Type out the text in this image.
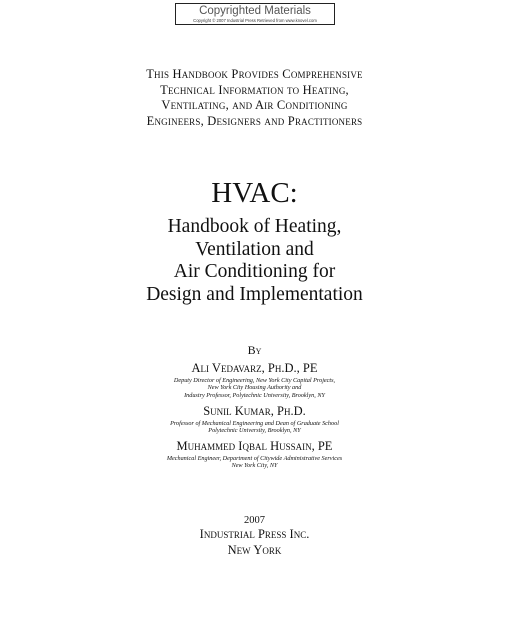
Copyrighted Materials
Copyright © 2007 Industrial Press Retrieved from www.knovel.com
This Handbook Provides Comprehensive
Technical Information to Heating,
Ventilating, and Air Conditioning
Engineers, Designers and Practitioners
HVAC:
Handbook of Heating,
Ventilation and
Air Conditioning for
Design and Implementation
By
Ali Vedavarz, Ph.D., PE
Deputy Director of Engineering, New York City Capital Projects,
New York City Housing Authority and
Industry Professor, Polytechnic University, Brooklyn, NY
Sunil Kumar, Ph.D.
Professor of Mechanical Engineering and Dean of Graduate School
Polytechnic University, Brooklyn, NY
Muhammed Iqbal Hussain, PE
Mechanical Engineer, Department of Citywide Administrative Services
New York City, NY
2007
Industrial Press Inc.
New York
